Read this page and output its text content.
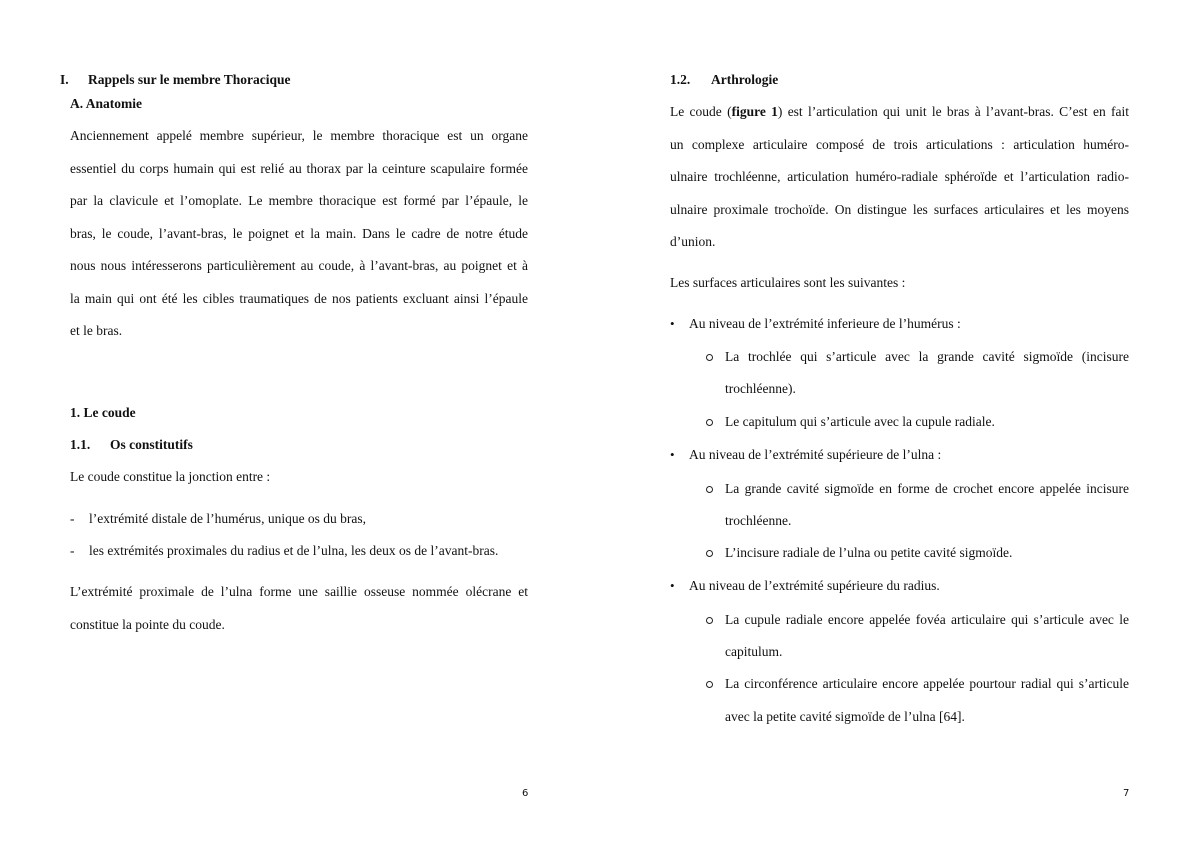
I. Rappels sur le membre Thoracique
A. Anatomie
Anciennement appelé membre supérieur, le membre thoracique est un organe
essentiel du corps humain qui est relié au thorax par la ceinture scapulaire formée
par la clavicule et l’omoplate. Le membre thoracique est formé par l’épaule, le
bras, le coude, l’avant-bras, le poignet et la main. Dans le cadre de notre étude
nous nous intéresserons particulièrement au coude, à l’avant-bras, au poignet et à
la main qui ont été les cibles traumatiques de nos patients excluant ainsi l’épaule
et le bras.
1. Le coude
1.1. Os constitutifs
Le coude constitue la jonction entre :
- l’extrémité distale de l’humérus, unique os du bras,
- les extrémités proximales du radius et de l’ulna, les deux os de l’avant-bras.
L’extrémité proximale de l’ulna forme une saillie osseuse nommée olécrane et
constitue la pointe du coude.
6
1.2. Arthrologie
Le coude (figure 1) est l’articulation qui unit le bras à l’avant-bras. C’est en fait
un complexe articulaire composé de trois articulations : articulation huméro-
ulnaire trochléenne, articulation huméro-radiale sphéroïde et l’articulation radio-
ulnaire proximale trochoïde. On distingue les surfaces articulaires et les moyens
d’union.
Les surfaces articulaires sont les suivantes :
• Au niveau de l’extrémité inferieure de l’humérus :
La trochlée qui s’articule avec la grande cavité sigmoïde (incisure
trochléenne).
Le capitulum qui s’articule avec la cupule radiale.
• Au niveau de l’extrémité supérieure de l’ulna :
La grande cavité sigmoïde en forme de crochet encore appelée incisure
trochléenne.
L’incisure radiale de l’ulna ou petite cavité sigmoïde.
• Au niveau de l’extrémité supérieure du radius.
La cupule radiale encore appelée fovéa articulaire qui s’articule avec le
capitulum.
La circonférence articulaire encore appelée pourtour radial qui s’articule
avec la petite cavité sigmoïde de l’ulna [64].
7
